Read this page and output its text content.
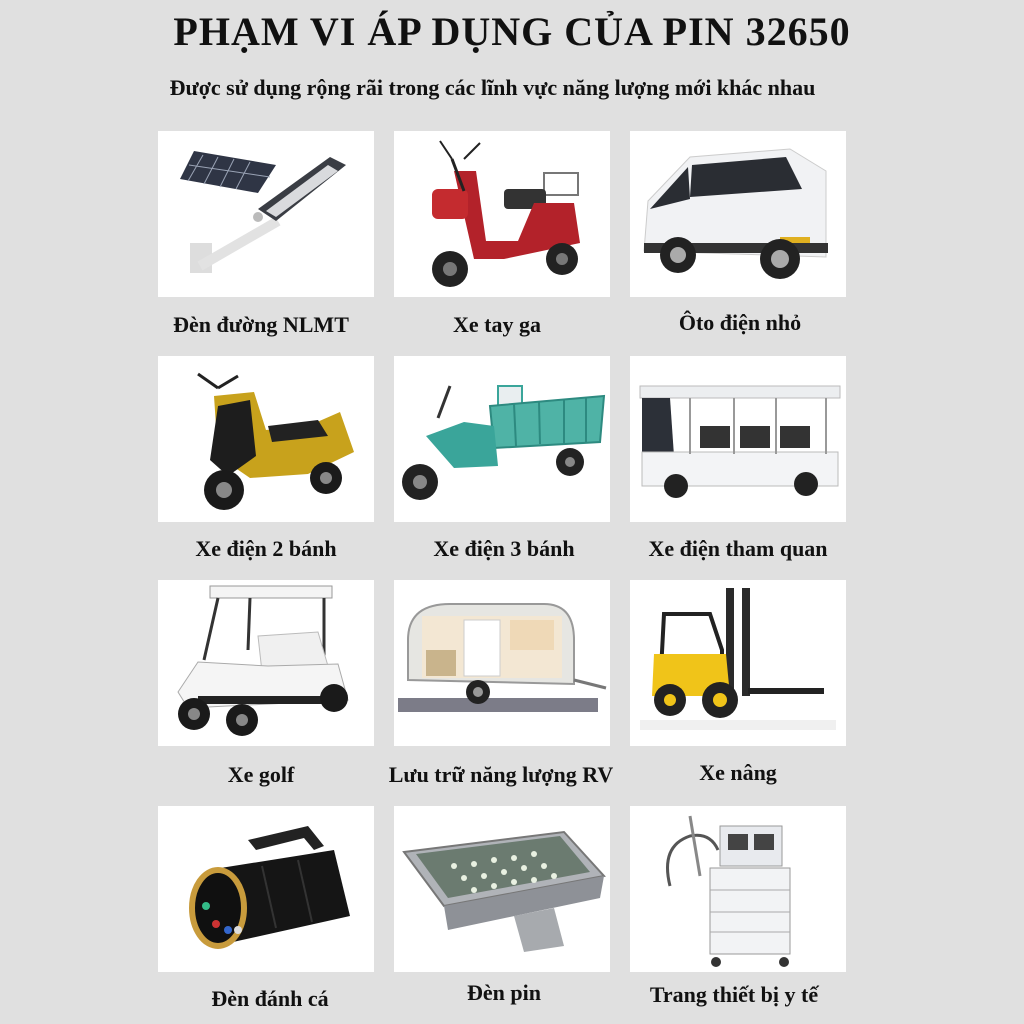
PHẠM VI ÁP DỤNG CỦA PIN 32650
Được sử dụng rộng rãi trong các lĩnh vực năng lượng mới khác nhau
Đèn đường NLMT	Xe tay ga	Ôto điện nhỏ
Xe điện 2 bánh	Xe điện 3 bánh	Xe điện tham quan
Xe golf	Lưu trữ năng lượng RV	Xe nâng
Đèn đánh cá	Đèn pin	Trang thiết bị y tế
